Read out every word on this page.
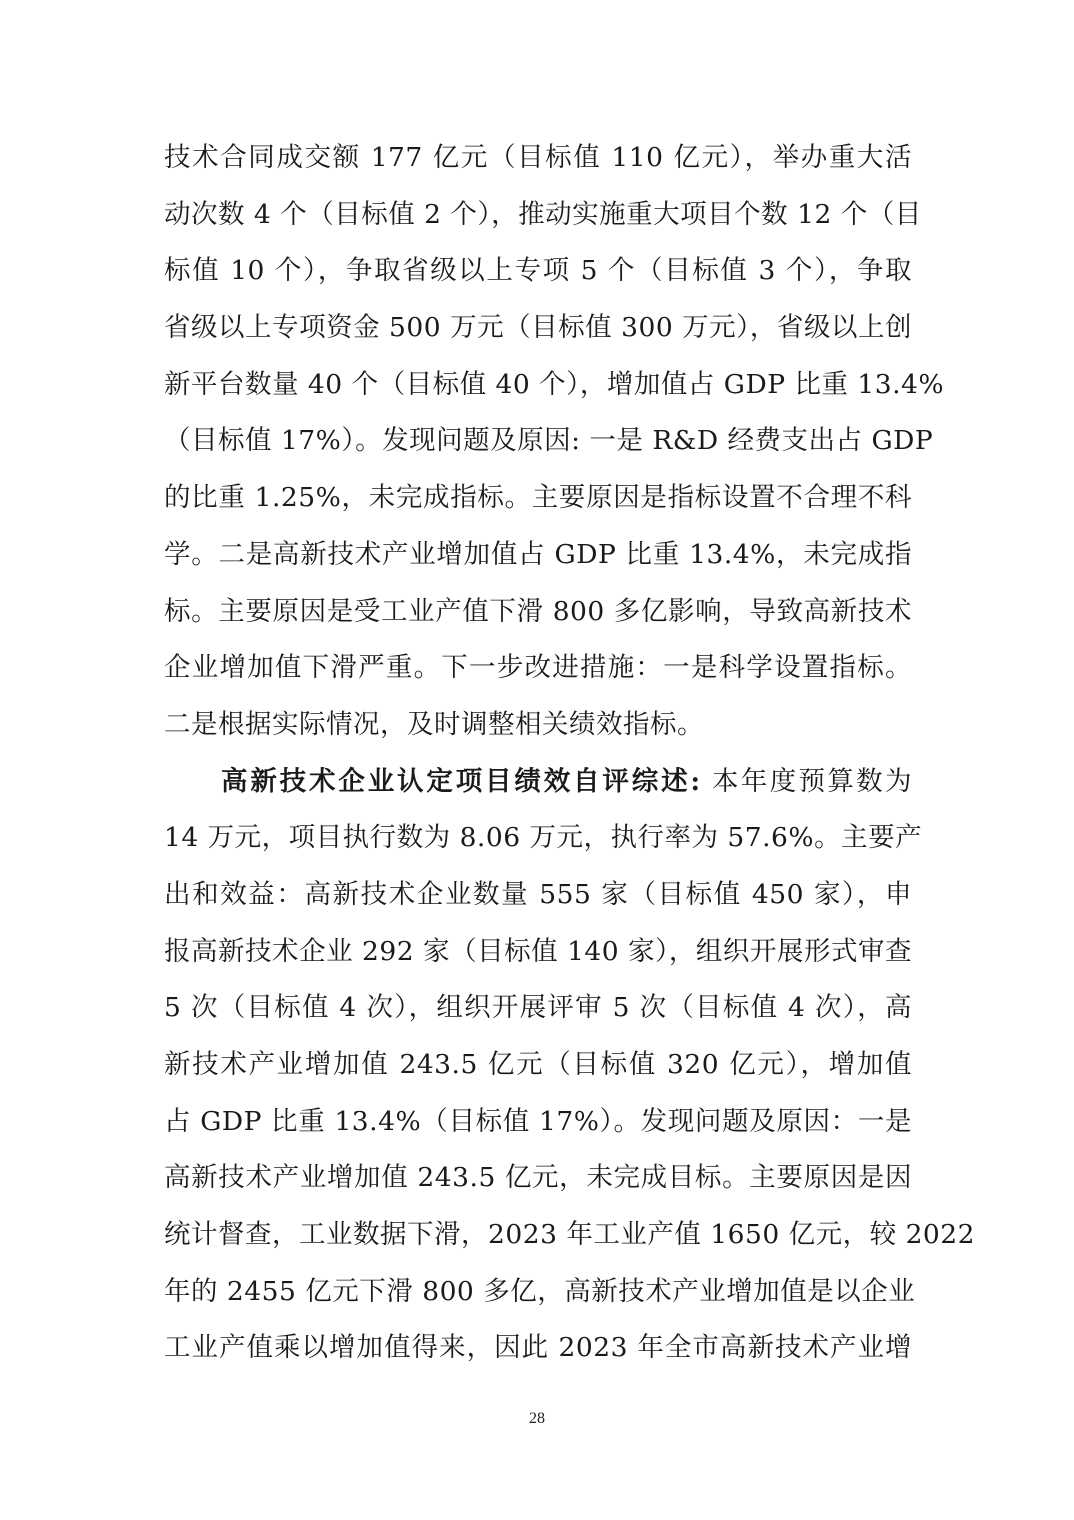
技术合同成交额 177 亿元（目标值 110 亿元），举办重大活
动次数 4 个（目标值 2 个），推动实施重大项目个数 12 个（目
标值 10 个），争取省级以上专项 5 个（目标值 3 个），争取
省级以上专项资金 500 万元（目标值 300 万元），省级以上创
新平台数量 40 个（目标值 40 个），增加值占 GDP 比重 13.4%
（目标值 17%）。发现问题及原因: 一是 R&D 经费支出占 GDP
的比重 1.25%，未完成指标。主要原因是指标设置不合理不科
学。二是高新技术产业增加值占 GDP 比重 13.4%，未完成指
标。主要原因是受工业产值下滑 800 多亿影响，导致高新技术
企业增加值下滑严重。下一步改进措施：一是科学设置指标。
二是根据实际情况，及时调整相关绩效指标。
高新技术企业认定项目绩效自评综述: 本年度预算数为
14 万元，项目执行数为 8.06 万元，执行率为 57.6%。主要产
出和效益：高新技术企业数量 555 家（目标值 450 家），申
报高新技术企业 292 家（目标值 140 家），组织开展形式审查
5 次（目标值 4 次），组织开展评审 5 次（目标值 4 次），高
新技术产业增加值 243.5 亿元（目标值 320 亿元），增加值
占 GDP 比重 13.4%（目标值 17%）。发现问题及原因：一是
高新技术产业增加值 243.5 亿元，未完成目标。主要原因是因
统计督查，工业数据下滑，2023 年工业产值 1650 亿元，较 2022
年的 2455 亿元下滑 800 多亿，高新技术产业增加值是以企业
工业产值乘以增加值得来，因此 2023 年全市高新技术产业增
28
